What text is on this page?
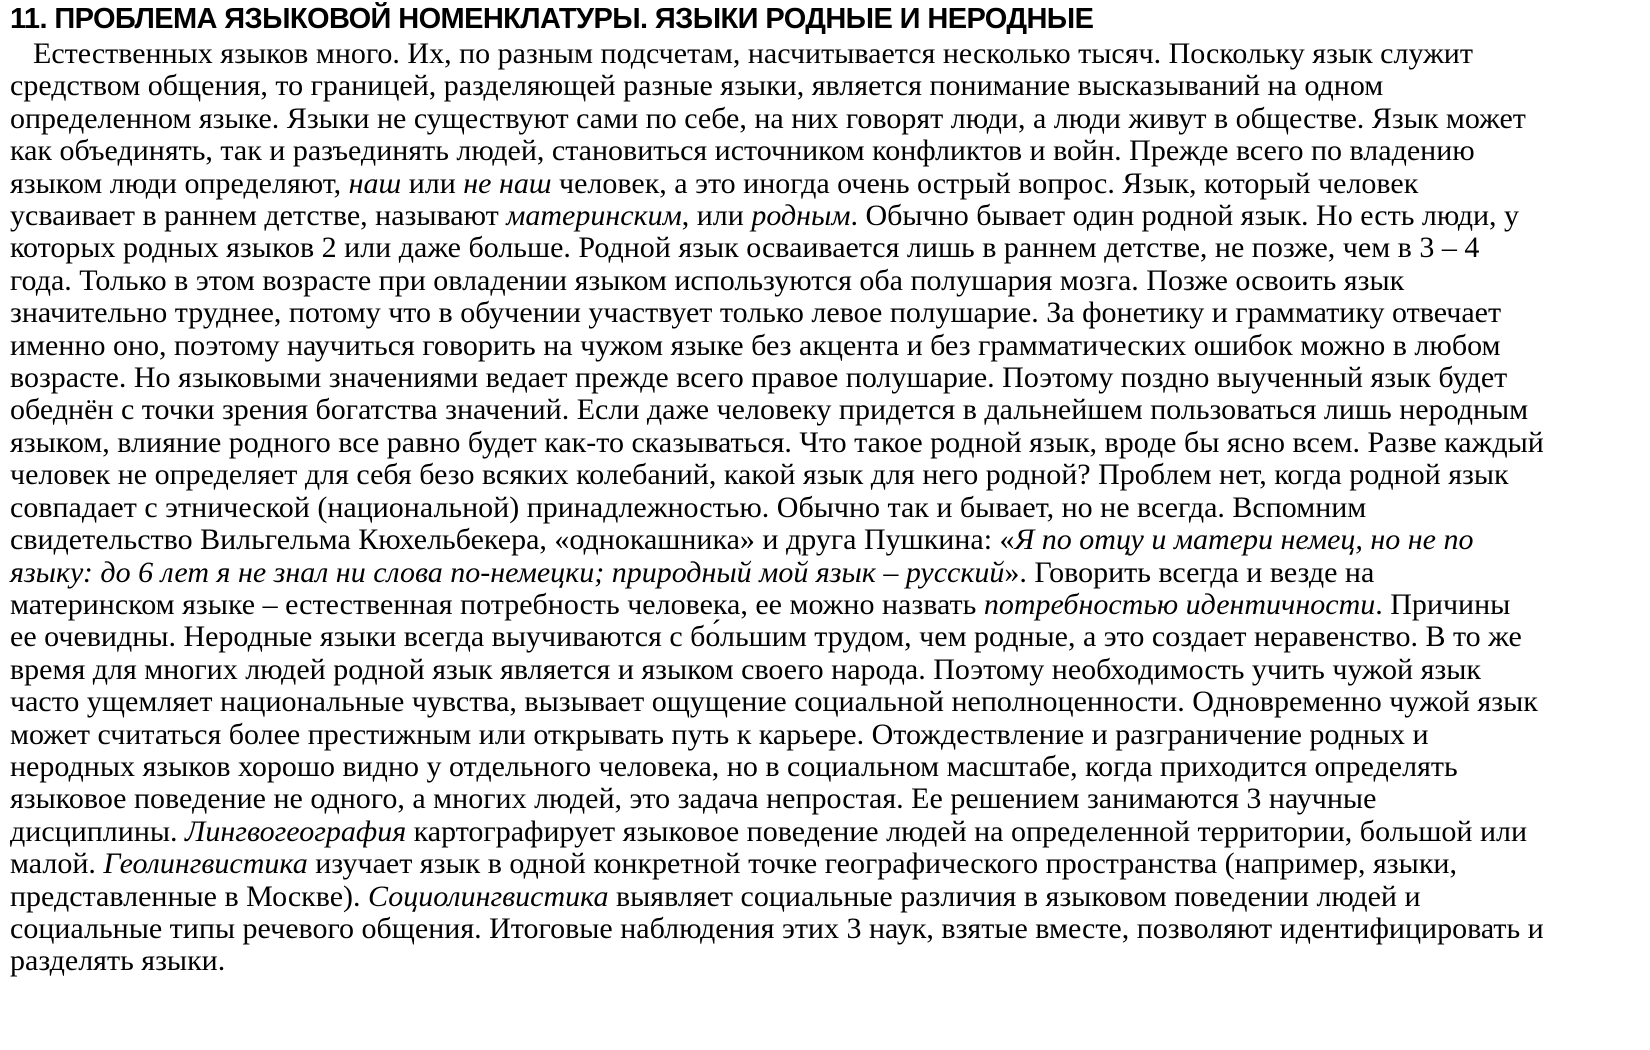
11. ПРОБЛЕМА ЯЗЫКОВОЙ НОМЕНКЛАТУРЫ. ЯЗЫКИ РОДНЫЕ И НЕРОДНЫЕ

Естественных языков много. Их, по разным подсчетам, насчитывается несколько тысяч. Поскольку язык служит средством общения, то границей, разделяющей разные языки, является понимание высказываний на одном определенном языке. Языки не существуют сами по себе, на них говорят люди, а люди живут в обществе. Язык может как объединять, так и разъединять людей, становиться источником конфликтов и войн. Прежде всего по владению языком люди определяют, наш или не наш человек, а это иногда очень острый вопрос. Язык, который человек усваивает в раннем детстве, называют материнским, или родным. Обычно бывает один родной язык. Но есть люди, у которых родных языков 2 или даже больше. Родной язык осваивается лишь в раннем детстве, не позже, чем в 3 – 4 года. Только в этом возрасте при овладении языком используются оба полушария мозга. Позже освоить язык значительно труднее, потому что в обучении участвует только левое полушарие. За фонетику и грамматику отвечает именно оно, поэтому научиться говорить на чужом языке без акцента и без грамматических ошибок можно в любом возрасте. Но языковыми значениями ведает прежде всего правое полушарие. Поэтому поздно выученный язык будет обеднён с точки зрения богатства значений. Если даже человеку придется в дальнейшем пользоваться лишь неродным языком, влияние родного все равно будет как-то сказываться. Что такое родной язык, вроде бы ясно всем. Разве каждый человек не определяет для себя безо всяких колебаний, какой язык для него родной? Проблем нет, когда родной язык совпадает с этнической (национальной) принадлежностью. Обычно так и бывает, но не всегда. Вспомним свидетельство Вильгельма Кюхельбекера, «однокашника» и друга Пушкина: «Я по отцу и матери немец, но не по языку: до 6 лет я не знал ни слова по-немецки; природный мой язык – русский». Говорить всегда и везде на материнском языке – естественная потребность человека, ее можно назвать потребностью идентичности. Причины ее очевидны. Неродные языки всегда выучиваются с бо́льшим трудом, чем родные, а это создает неравенство. В то же время для многих людей родной язык является и языком своего народа. Поэтому необходимость учить чужой язык часто ущемляет национальные чувства, вызывает ощущение социальной неполноценности. Одновременно чужой язык может считаться более престижным или открывать путь к карьере. Отождествление и разграничение родных и неродных языков хорошо видно у отдельного человека, но в социальном масштабе, когда приходится определять языковое поведение не одного, а многих людей, это задача непростая. Ее решением занимаются 3 научные дисциплины. Лингвогеография картографирует языковое поведение людей на определенной территории, большой или малой. Геолингвистика изучает язык в одной конкретной точке географического пространства (например, языки, представленные в Москве). Социолингвистика выявляет социальные различия в языковом поведении людей и социальные типы речевого общения. Итоговые наблюдения этих 3 наук, взятые вместе, позволяют идентифицировать и разделять языки.
